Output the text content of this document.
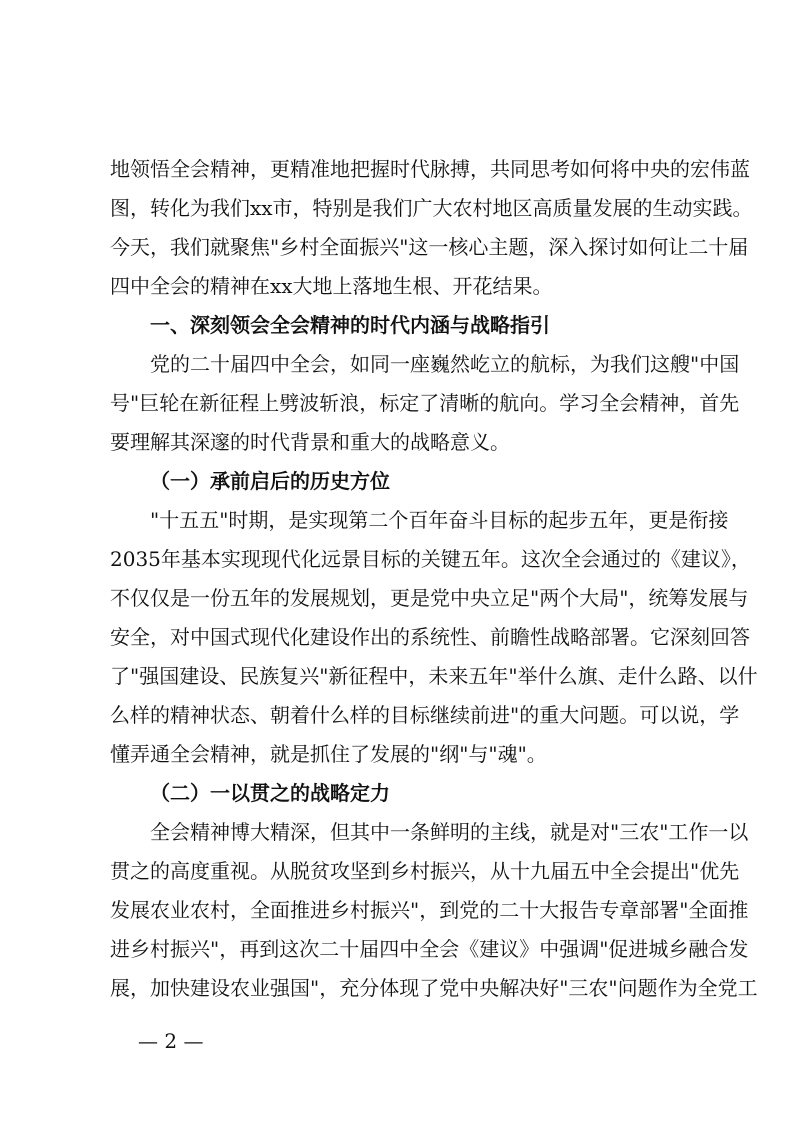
地领悟全会精神，更精准地把握时代脉搏，共同思考如何将中央的宏伟蓝
图，转化为我们xx市，特别是我们广大农村地区高质量发展的生动实践。
今天，我们就聚焦"乡村全面振兴"这一核心主题，深入探讨如何让二十届
四中全会的精神在xx大地上落地生根、开花结果。
一、深刻领会全会精神的时代内涵与战略指引
党的二十届四中全会，如同一座巍然屹立的航标，为我们这艘"中国
号"巨轮在新征程上劈波斩浪，标定了清晰的航向。学习全会精神，首先
要理解其深邃的时代背景和重大的战略意义。
（一）承前启后的历史方位
"十五五"时期，是实现第二个百年奋斗目标的起步五年，更是衔接
2035年基本实现现代化远景目标的关键五年。这次全会通过的《建议》，
不仅仅是一份五年的发展规划，更是党中央立足"两个大局"，统筹发展与
安全，对中国式现代化建设作出的系统性、前瞻性战略部署。它深刻回答
了"强国建设、民族复兴"新征程中，未来五年"举什么旗、走什么路、以什
么样的精神状态、朝着什么样的目标继续前进"的重大问题。可以说，学
懂弄通全会精神，就是抓住了发展的"纲"与"魂"。
（二）一以贯之的战略定力
全会精神博大精深，但其中一条鲜明的主线，就是对"三农"工作一以
贯之的高度重视。从脱贫攻坚到乡村振兴，从十九届五中全会提出"优先
发展农业农村，全面推进乡村振兴"，到党的二十大报告专章部署"全面推
进乡村振兴"，再到这次二十届四中全会《建议》中强调"促进城乡融合发
展，加快建设农业强国"，充分体现了党中央解决好"三农"问题作为全党工
— 2 —
